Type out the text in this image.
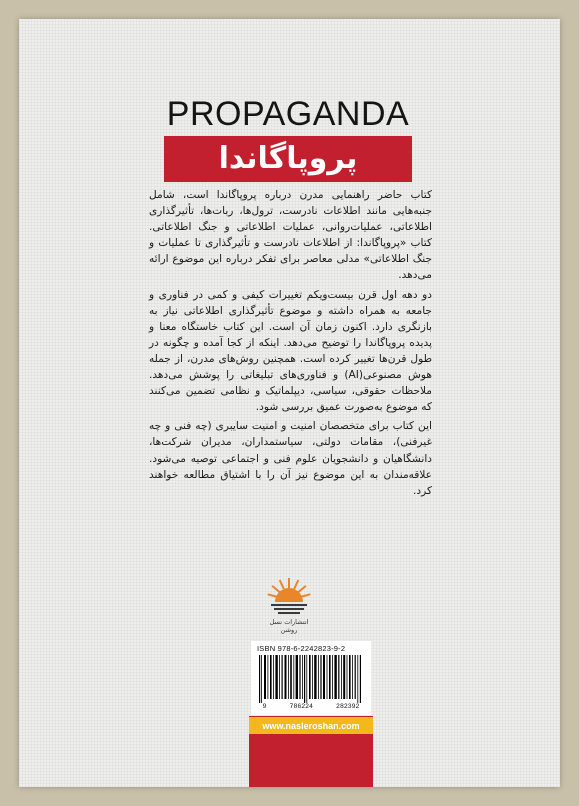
PROPAGANDA
پروپاگاندا

کتاب حاضر راهنمایی مدرن درباره پروپاگاندا است، شامل جنبه‌هایی مانند اطلاعات نادرست، ترول‌ها، ربات‌ها، تأثیرگذاری اطلاعاتی، عملیات‌روانی، عملیات اطلاعاتی و جنگ اطلاعاتی. کتاب «پروپاگاندا: از اطلاعات نادرست و تأثیرگذاری تا عملیات و جنگ اطلاعاتی» مدلی معاصر برای تفکر درباره این موضوع ارائه می‌دهد.

دو دهه اول قرن بیست‌ویکم تغییرات کیفی و کمی در فناوری و جامعه به همراه داشته و موضوع تأثیرگذاری اطلاعاتی نیاز به بازنگری دارد. اکنون زمان آن است. این کتاب خاستگاه معنا و پدیده پروپاگاندا را توضیح می‌دهد. اینکه از کجا آمده و چگونه در طول قرن‌ها تغییر کرده است. همچنین روش‌های مدرن، از جمله هوش مصنوعی(AI) و فناوری‌های تبلیغاتی را پوشش می‌دهد. ملاحظات حقوقی، سیاسی، دیپلماتیک و نظامی تضمین می‌کنند که موضوع به‌صورت عمیق بررسی شود.

این کتاب برای متخصصان امنیت و امنیت سایبری (چه فنی و چه غیرفنی)، مقامات دولتی، سیاستمداران، مدیران شرکت‌ها، دانشگاهیان و دانشجویان علوم فنی و اجتماعی توصیه می‌شود. علاقه‌مندان به این موضوع نیز آن را با اشتیاق مطالعه خواهند کرد.

انتشارات نسل روشن
ISBN 978-6-2242823-9-2
9	786224	282392
www.nasleroshan.com
